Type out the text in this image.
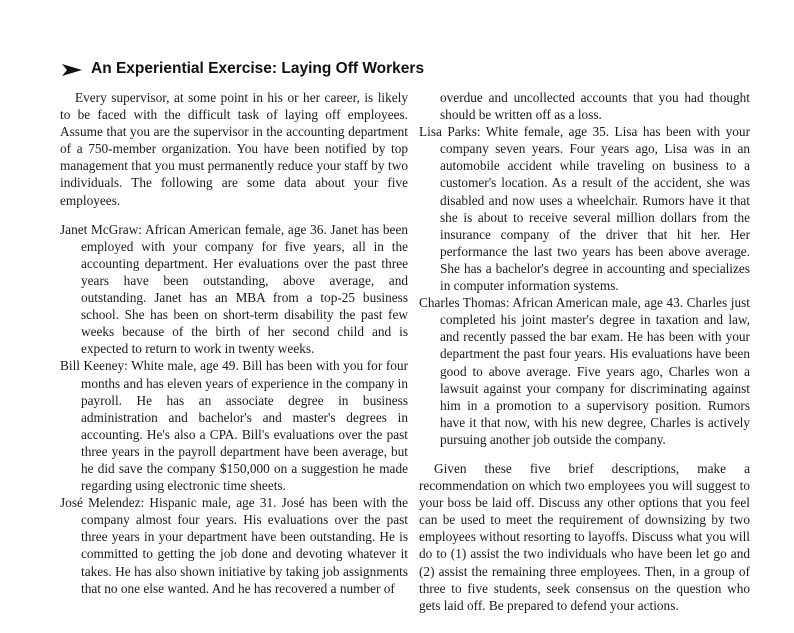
An Experiential Exercise: Laying Off Workers

Every supervisor, at some point in his or her career, is likely to be faced with the difficult task of laying off employees. Assume that you are the supervisor in the accounting department of a 750-member organization. You have been notified by top management that you must permanently reduce your staff by two individuals. The following are some data about your five employees.

Janet McGraw: African American female, age 36. Janet has been employed with your company for five years, all in the accounting department. Her evaluations over the past three years have been outstanding, above average, and outstanding. Janet has an MBA from a top-25 business school. She has been on short-term disability the past few weeks because of the birth of her second child and is expected to return to work in twenty weeks.

Bill Keeney: White male, age 49. Bill has been with you for four months and has eleven years of experience in the company in payroll. He has an associate degree in business administration and bachelor's and master's degrees in accounting. He's also a CPA. Bill's evaluations over the past three years in the payroll department have been average, but he did save the company $150,000 on a suggestion he made regarding using electronic time sheets.

José Melendez: Hispanic male, age 31. José has been with the company almost four years. His evaluations over the past three years in your department have been outstanding. He is committed to getting the job done and devoting whatever it takes. He has also shown initiative by taking job assignments that no one else wanted. And he has recovered a number of

overdue and uncollected accounts that you had thought should be written off as a loss.

Lisa Parks: White female, age 35. Lisa has been with your company seven years. Four years ago, Lisa was in an automobile accident while traveling on business to a customer's location. As a result of the accident, she was disabled and now uses a wheelchair. Rumors have it that she is about to receive several million dollars from the insurance company of the driver that hit her. Her performance the last two years has been above average. She has a bachelor's degree in accounting and specializes in computer information systems.

Charles Thomas: African American male, age 43. Charles just completed his joint master's degree in taxation and law, and recently passed the bar exam. He has been with your department the past four years. His evaluations have been good to above average. Five years ago, Charles won a lawsuit against your company for discriminating against him in a promotion to a supervisory position. Rumors have it that now, with his new degree, Charles is actively pursuing another job outside the company.

Given these five brief descriptions, make a recommendation on which two employees you will suggest to your boss be laid off. Discuss any other options that you feel can be used to meet the requirement of downsizing by two employees without resorting to layoffs. Discuss what you will do to (1) assist the two individuals who have been let go and (2) assist the remaining three employees. Then, in a group of three to five students, seek consensus on the question who gets laid off. Be prepared to defend your actions.
